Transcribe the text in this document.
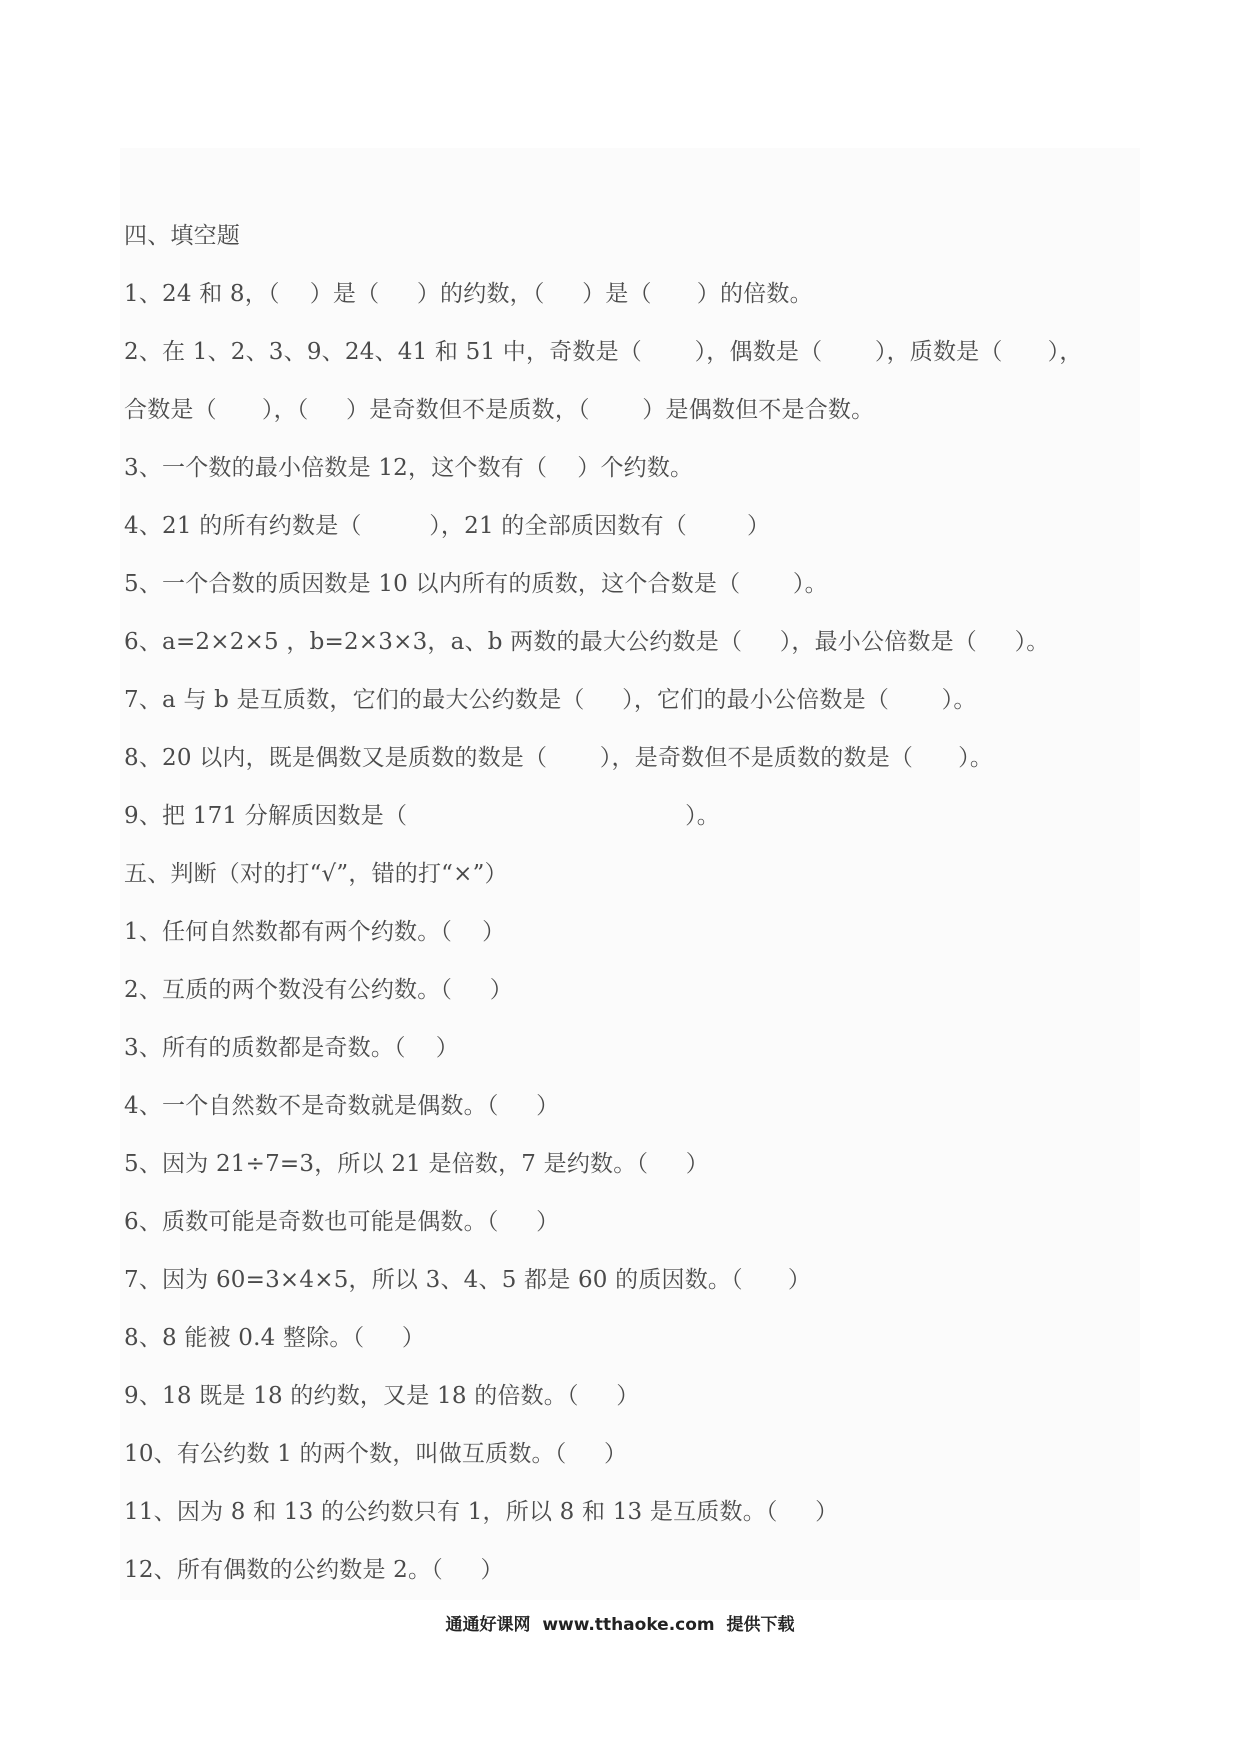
四、填空题
1、24 和 8，（    ）是（     ）的约数，（     ）是（      ）的倍数。
2、在 1、2、3、9、24、41 和 51 中，奇数是（       ），偶数是（       ），质数是（      ），
合数是（      ），（     ）是奇数但不是质数，（       ）是偶数但不是合数。
3、一个数的最小倍数是 12，这个数有（    ）个约数。
4、21 的所有约数是（         ），21 的全部质因数有（        ）
5、一个合数的质因数是 10 以内所有的质数，这个合数是（       ）。
6、a=2×2×5 ，b=2×3×3，a、b 两数的最大公约数是（     ），最小公倍数是（     ）。
7、a 与 b 是互质数，它们的最大公约数是（     ），它们的最小公倍数是（       ）。
8、20 以内，既是偶数又是质数的数是（       ），是奇数但不是质数的数是（      ）。
9、把 171 分解质因数是（                                     ）。
五、判断（对的打“√”，错的打“×”）
1、任何自然数都有两个约数。（    ）
2、互质的两个数没有公约数。（     ）
3、所有的质数都是奇数。（    ）
4、一个自然数不是奇数就是偶数。（     ）
5、因为 21÷7=3，所以 21 是倍数，7 是约数。（     ）
6、质数可能是奇数也可能是偶数。（     ）
7、因为 60=3×4×5，所以 3、4、5 都是 60 的质因数。（      ）
8、8 能被 0.4 整除。（     ）
9、18 既是 18 的约数，又是 18 的倍数。（     ）
10、有公约数 1 的两个数，叫做互质数。（     ）
11、因为 8 和 13 的公约数只有 1，所以 8 和 13 是互质数。（     ）
12、所有偶数的公约数是 2。（     ）
通通好课网  www.tthaoke.com  提供下载
